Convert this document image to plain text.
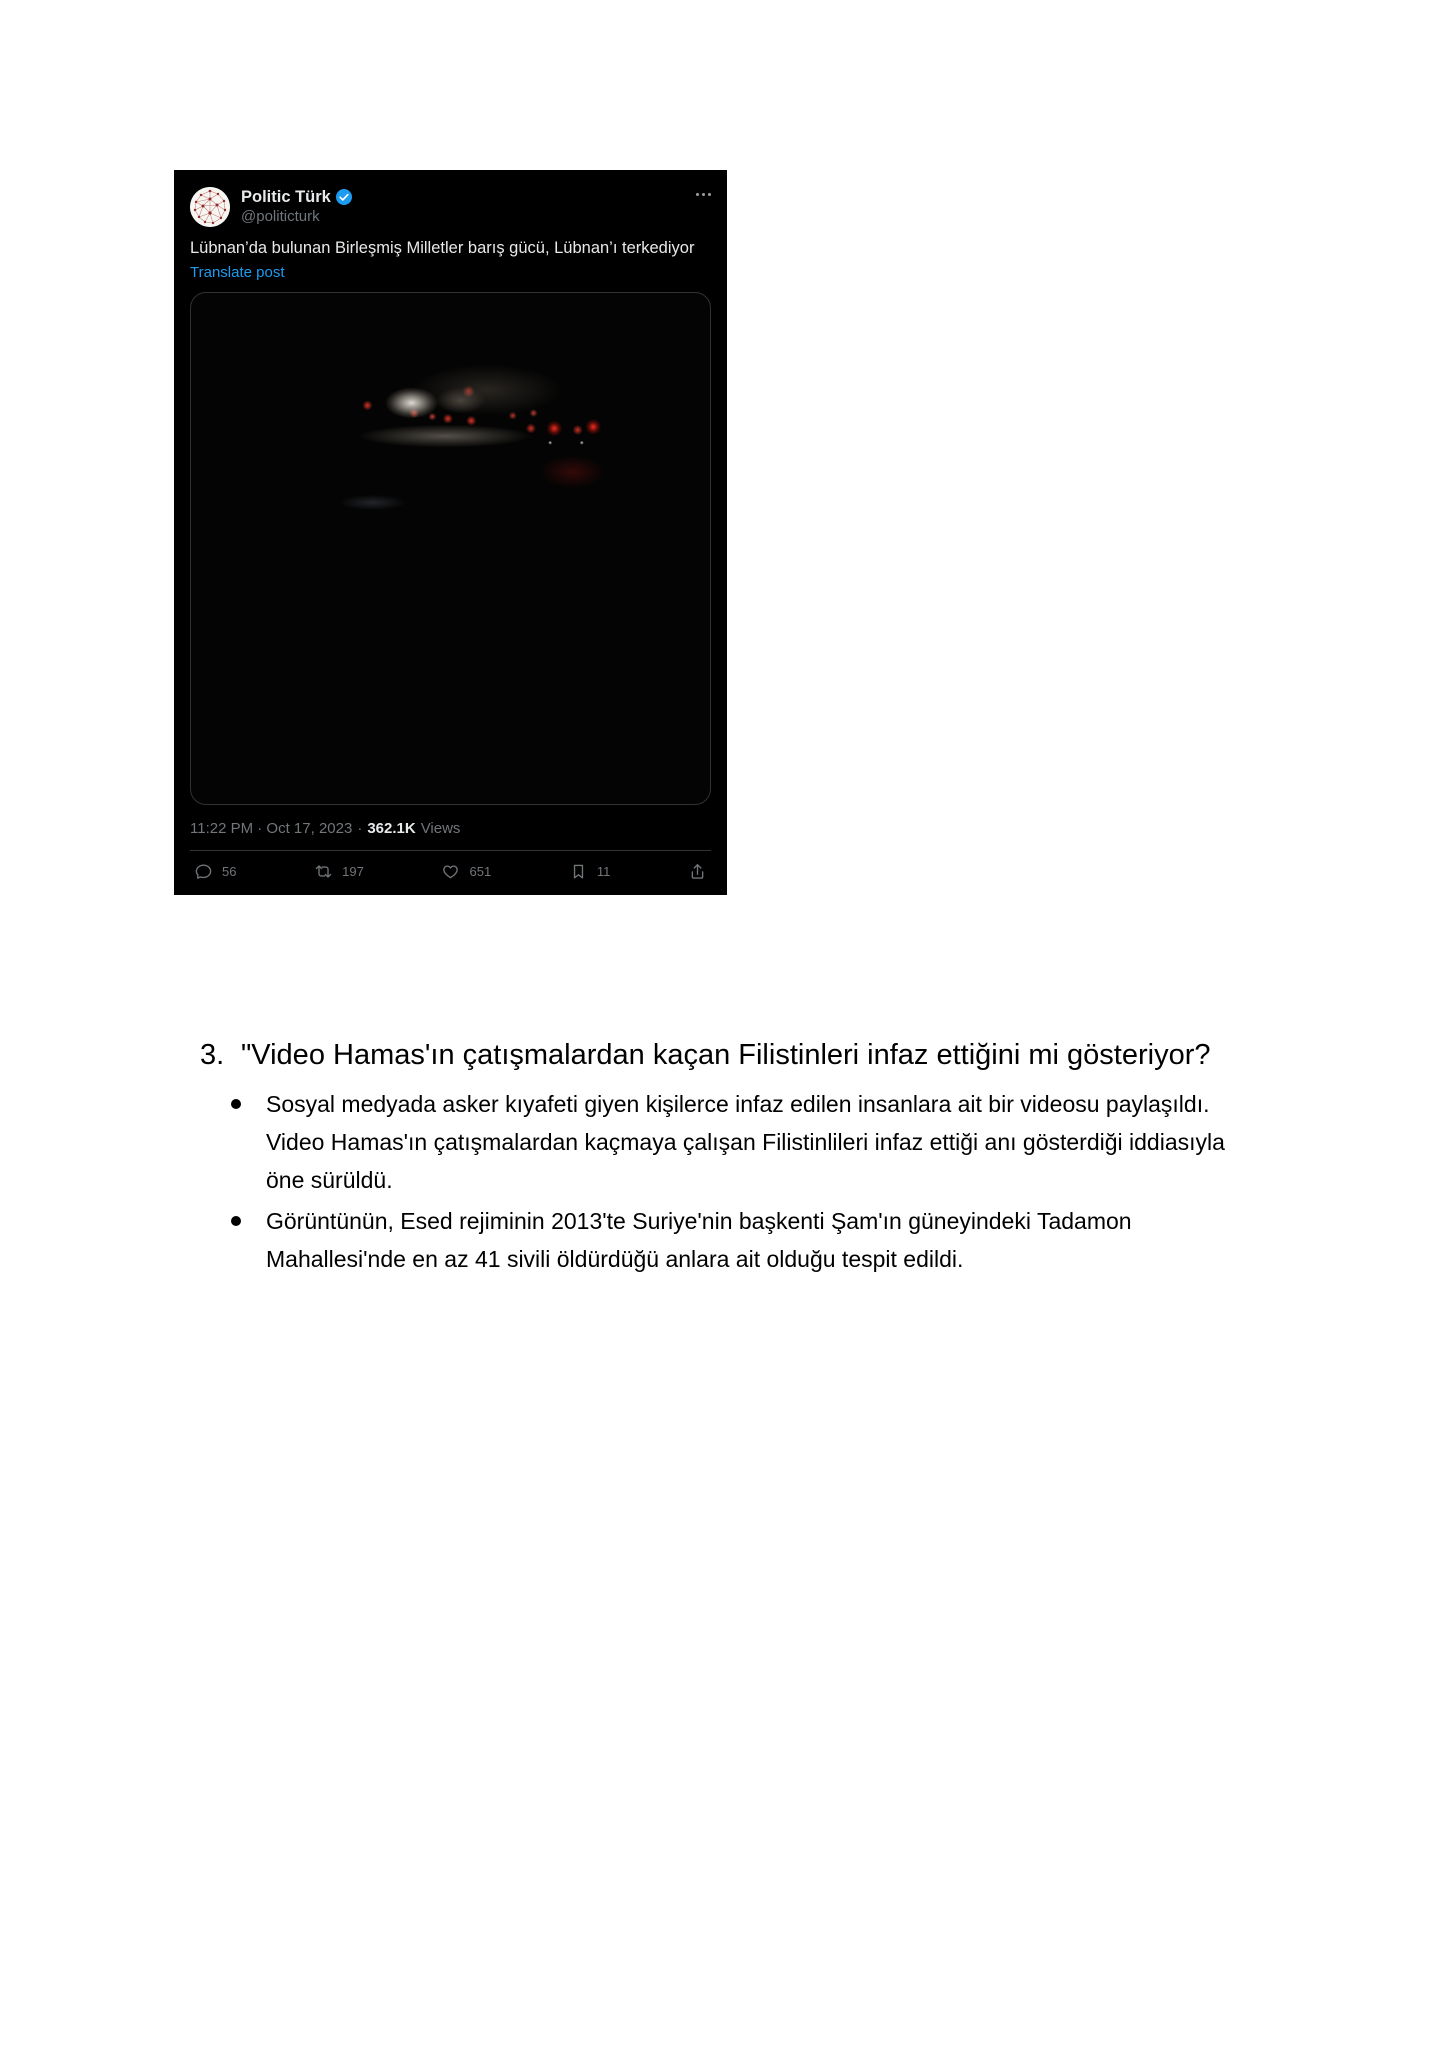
Politic Türk
@politicturk
Lübnan’da bulunan Birleşmiş Milletler barış gücü, Lübnan’ı terkediyor
Translate post
11:22 PM · Oct 17, 2023 · 362.1K Views
56	197	651	11
3. "Video Hamas'ın çatışmalardan kaçan Filistinleri infaz ettiğini mi gösteriyor?
Sosyal medyada asker kıyafeti giyen kişilerce infaz edilen insanlara ait bir videosu paylaşıldı. Video Hamas'ın çatışmalardan kaçmaya çalışan Filistinlileri infaz ettiği anı gösterdiği iddiasıyla öne sürüldü.
Görüntünün, Esed rejiminin 2013'te Suriye'nin başkenti Şam'ın güneyindeki Tadamon Mahallesi'nde en az 41 sivili öldürdüğü anlara ait olduğu tespit edildi.
